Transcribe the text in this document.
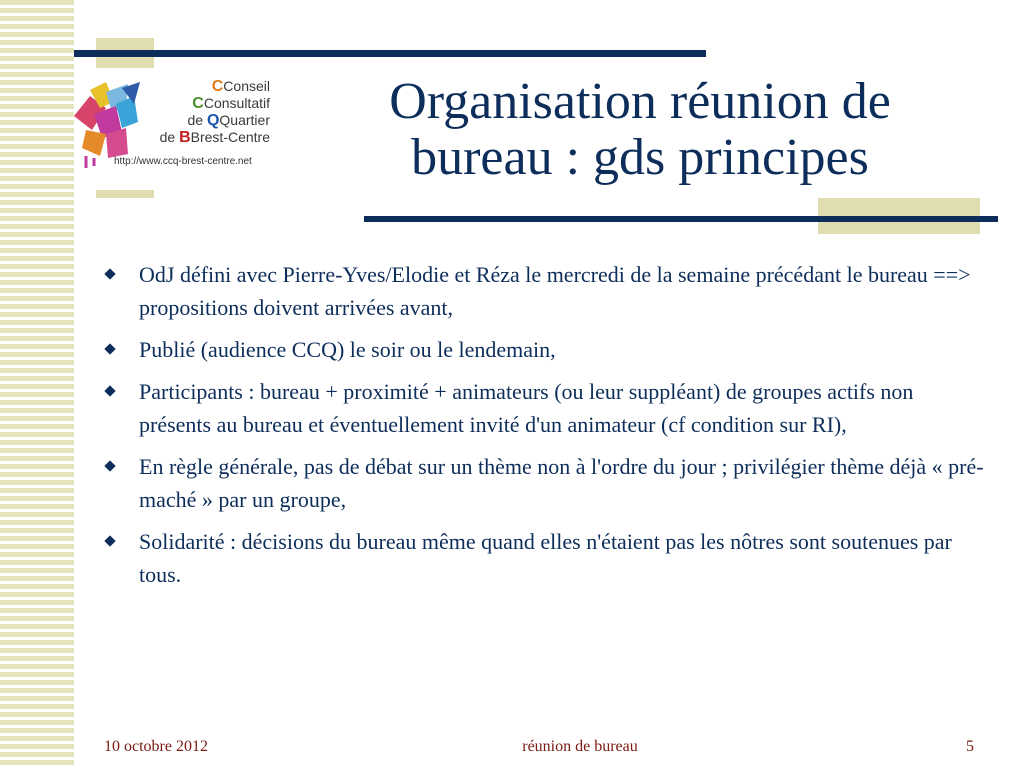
CConseil
CConsultatif
de QQuartier
de BBrest-Centre
http://www.ccq-brest-centre.net
Organisation réunion de
bureau : gds principes
OdJ défini avec Pierre-Yves/Elodie et Réza le mercredi de la semaine précédant le bureau ==> propositions doivent arrivées avant,
Publié (audience CCQ) le soir ou le lendemain,
Participants : bureau + proximité + animateurs (ou leur suppléant) de groupes actifs non présents au bureau et éventuellement invité d'un animateur (cf condition sur RI),
En règle générale, pas de débat sur un thème non à l'ordre du jour ; privilégier thème déjà « pré-maché » par un groupe,
Solidarité : décisions du bureau même quand elles n'étaient pas les nôtres sont soutenues par tous.
10 octobre 2012	réunion de bureau	5
